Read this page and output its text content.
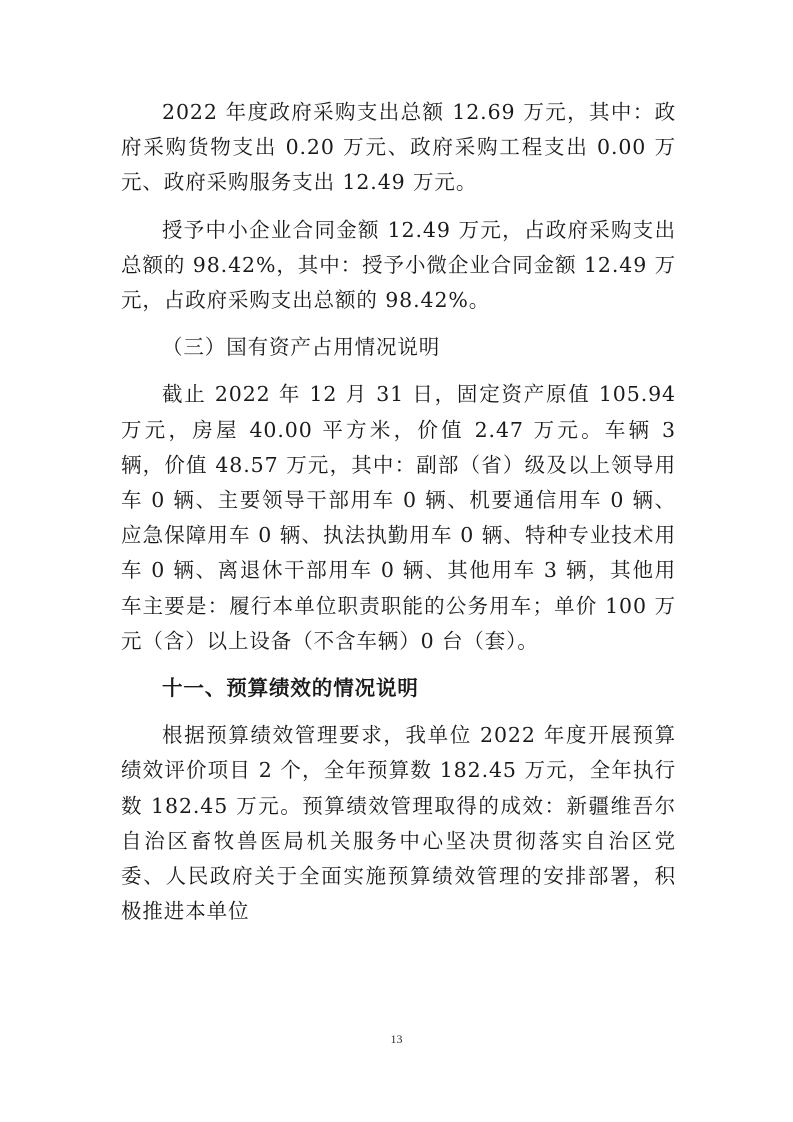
2022 年度政府采购支出总额 12.69 万元，其中：政府采购货物支出 0.20 万元、政府采购工程支出 0.00 万元、政府采购服务支出 12.49 万元。

授予中小企业合同金额 12.49 万元，占政府采购支出总额的 98.42%，其中：授予小微企业合同金额 12.49 万元，占政府采购支出总额的 98.42%。

（三）国有资产占用情况说明

截止 2022 年 12 月 31 日，固定资产原值 105.94 万元，房屋 40.00 平方米，价值 2.47 万元。车辆 3 辆，价值 48.57 万元，其中：副部（省）级及以上领导用车 0 辆、主要领导干部用车 0 辆、机要通信用车 0 辆、应急保障用车 0 辆、执法执勤用车 0 辆、特种专业技术用车 0 辆、离退休干部用车 0 辆、其他用车 3 辆，其他用车主要是：履行本单位职责职能的公务用车；单价 100 万元（含）以上设备（不含车辆）0 台（套）。

十一、预算绩效的情况说明

根据预算绩效管理要求，我单位 2022 年度开展预算绩效评价项目 2 个，全年预算数 182.45 万元，全年执行数 182.45 万元。预算绩效管理取得的成效：新疆维吾尔自治区畜牧兽医局机关服务中心坚决贯彻落实自治区党委、人民政府关于全面实施预算绩效管理的安排部署，积极推进本单位

13
